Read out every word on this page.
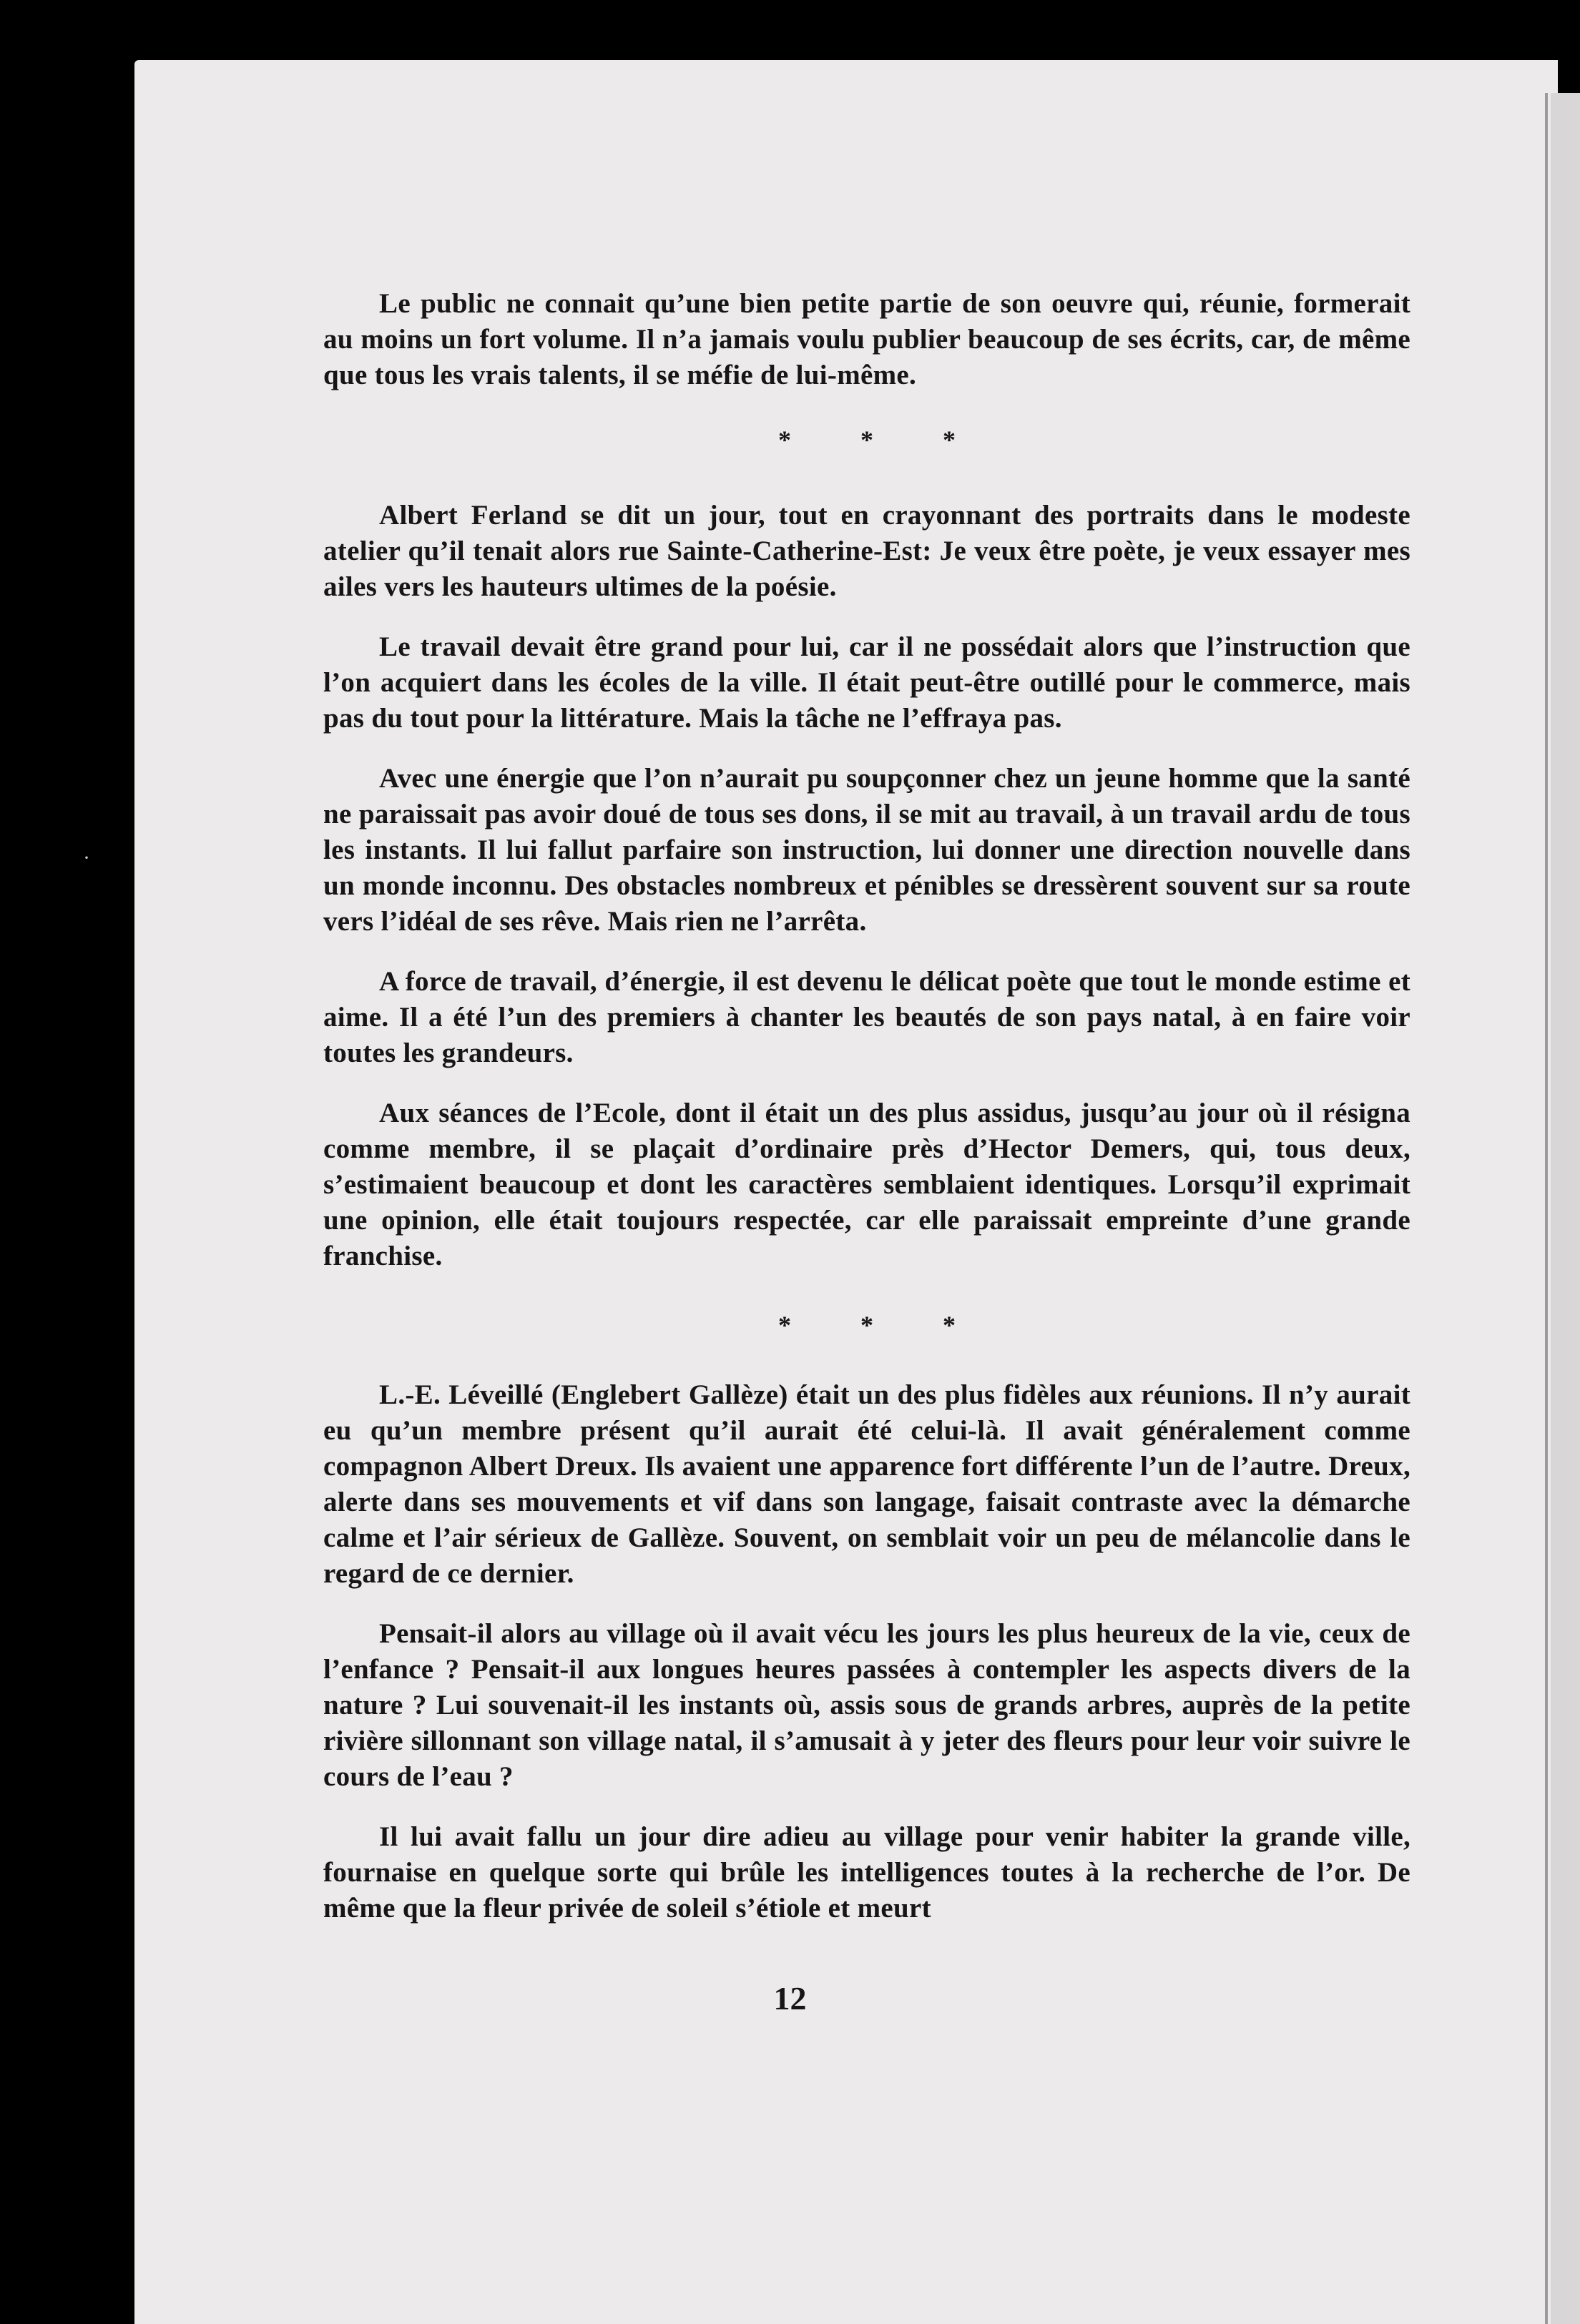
·

Le public ne connait qu’une bien petite partie de son oeuvre qui, réunie, formerait au moins un fort volume. Il n’a jamais voulu publier beaucoup de ses écrits, car, de même que tous les vrais talents, il se méfie de lui-même.

* * *

Albert Ferland se dit un jour, tout en crayonnant des portraits dans le modeste atelier qu’il tenait alors rue Sainte-Catherine-Est: Je veux être poète, je veux essayer mes ailes vers les hauteurs ultimes de la poésie.

Le travail devait être grand pour lui, car il ne possédait alors que l’instruction que l’on acquiert dans les écoles de la ville. Il était peut-être outillé pour le commerce, mais pas du tout pour la littérature. Mais la tâche ne l’effraya pas.

Avec une énergie que l’on n’aurait pu soupçonner chez un jeune homme que la santé ne paraissait pas avoir doué de tous ses dons, il se mit au travail, à un travail ardu de tous les instants. Il lui fallut parfaire son instruction, lui donner une direction nouvelle dans un monde inconnu. Des obstacles nombreux et pénibles se dressèrent souvent sur sa route vers l’idéal de ses rêve. Mais rien ne l’arrêta.

A force de travail, d’énergie, il est devenu le délicat poète que tout le monde estime et aime. Il a été l’un des premiers à chanter les beautés de son pays natal, à en faire voir toutes les grandeurs.

Aux séances de l’Ecole, dont il était un des plus assidus, jusqu’au jour où il résigna comme membre, il se plaçait d’ordinaire près d’Hector Demers, qui, tous deux, s’estimaient beaucoup et dont les caractères semblaient identiques. Lorsqu’il exprimait une opinion, elle était toujours respectée, car elle paraissait empreinte d’une grande franchise.

* * *

L.-E. Léveillé (Englebert Gallèze) était un des plus fidèles aux réunions. Il n’y aurait eu qu’un membre présent qu’il aurait été celui-là. Il avait généralement comme compagnon Albert Dreux. Ils avaient une apparence fort différente l’un de l’autre. Dreux, alerte dans ses mouvements et vif dans son langage, faisait contraste avec la démarche calme et l’air sérieux de Gallèze. Souvent, on semblait voir un peu de mélancolie dans le regard de ce dernier.

Pensait-il alors au village où il avait vécu les jours les plus heureux de la vie, ceux de l’enfance ? Pensait-il aux longues heures passées à contempler les aspects divers de la nature ? Lui souvenait-il les instants où, assis sous de grands arbres, auprès de la petite rivière sillonnant son village natal, il s’amusait à y jeter des fleurs pour leur voir suivre le cours de l’eau ?

Il lui avait fallu un jour dire adieu au village pour venir habiter la grande ville, fournaise en quelque sorte qui brûle les intelligences toutes à la recherche de l’or. De même que la fleur privée de soleil s’étiole et meurt

12
